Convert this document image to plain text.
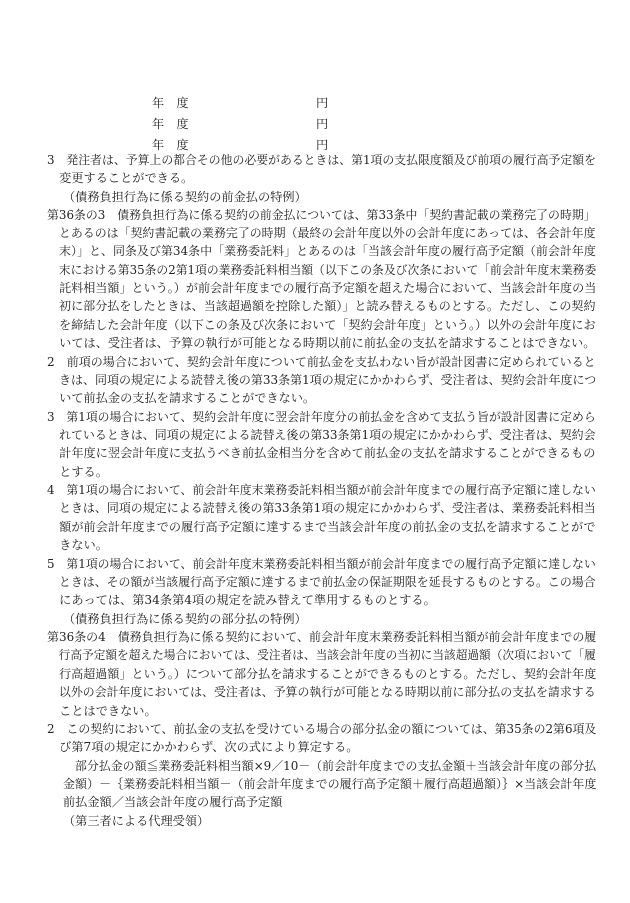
年　度	円
年　度	円
年　度	円
3　発注者は、予算上の都合その他の必要があるときは、第1項の支払限度額及び前項の履行高予定額を
　変更することができる。
（債務負担行為に係る契約の前金払の特例）
第36条の3　債務負担行為に係る契約の前金払については、第33条中「契約書記載の業務完了の時期」
　とあるのは「契約書記載の業務完了の時期（最終の会計年度以外の会計年度にあっては、各会計年度
　末）」と、同条及び第34条中「業務委託料」とあるのは「当該会計年度の履行高予定額（前会計年度
　末における第35条の2第1項の業務委託料相当額（以下この条及び次条において「前会計年度末業務委
　託料相当額」という。）が前会計年度までの履行高予定額を超えた場合において、当該会計年度の当
　初に部分払をしたときは、当該超過額を控除した額）」と読み替えるものとする。ただし、この契約
　を締結した会計年度（以下この条及び次条において「契約会計年度」という。）以外の会計年度にお
　いては、受注者は、予算の執行が可能となる時期以前に前払金の支払を請求することはできない。
2　前項の場合において、契約会計年度について前払金を支払わない旨が設計図書に定められていると
　きは、同項の規定による読替え後の第33条第1項の規定にかかわらず、受注者は、契約会計年度につ
　いて前払金の支払を請求することができない。
3　第1項の場合において、契約会計年度に翌会計年度分の前払金を含めて支払う旨が設計図書に定めら
　れているときは、同項の規定による読替え後の第33条第1項の規定にかかわらず、受注者は、契約会
　計年度に翌会計年度に支払うべき前払金相当分を含めて前払金の支払を請求することができるもの
　とする。
4　第1項の場合において、前会計年度末業務委託料相当額が前会計年度までの履行高予定額に達しない
　ときは、同項の規定による読替え後の第33条第1項の規定にかかわらず、受注者は、業務委託料相当
　額が前会計年度までの履行高予定額に達するまで当該会計年度の前払金の支払を請求することがで
　きない。
5　第1項の場合において、前会計年度末業務委託料相当額が前会計年度までの履行高予定額に達しない
　ときは、その額が当該履行高予定額に達するまで前払金の保証期限を延長するものとする。この場合
　にあっては、第34条第4項の規定を読み替えて準用するものとする。
（債務負担行為に係る契約の部分払の特例）
第36条の4　債務負担行為に係る契約において、前会計年度末業務委託料相当額が前会計年度までの履
　行高予定額を超えた場合においては、受注者は、当該会計年度の当初に当該超過額（次項において「履
　行高超過額」という。）について部分払を請求することができるものとする。ただし、契約会計年度
　以外の会計年度においては、受注者は、予算の執行が可能となる時期以前に部分払の支払を請求する
　ことはできない。
2　この契約において、前払金の支払を受けている場合の部分払金の額については、第35条の2第6項及
　び第7項の規定にかかわらず、次の式により算定する。
部分払金の額≦業務委託料相当額×9／10－（前会計年度までの支払金額＋当該会計年度の部分払
金額）－｛業務委託料相当額－（前会計年度までの履行高予定額＋履行高超過額）｝×当該会計年度
前払金額／当該会計年度の履行高予定額
（第三者による代理受領）
